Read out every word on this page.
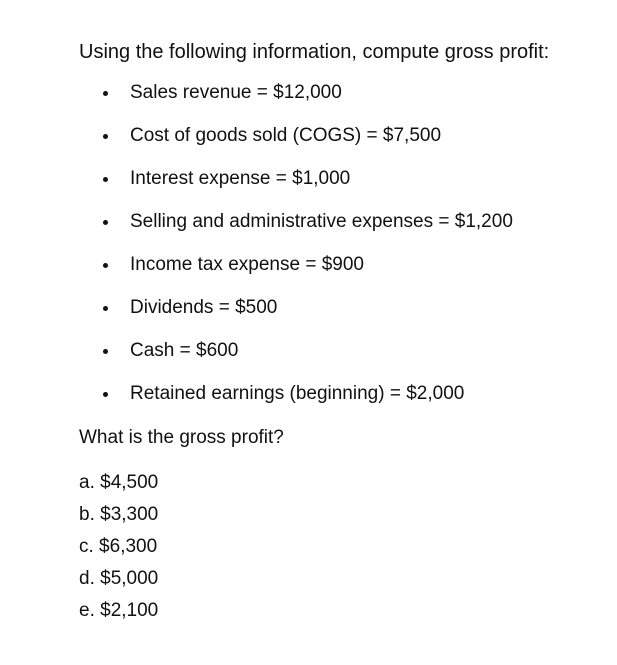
Using the following information, compute gross profit:
Sales revenue = $12,000
Cost of goods sold (COGS) = $7,500
Interest expense = $1,000
Selling and administrative expenses = $1,200
Income tax expense = $900
Dividends = $500
Cash = $600
Retained earnings (beginning) = $2,000
What is the gross profit?
a. $4,500
b. $3,300
c. $6,300
d. $5,000
e. $2,100
